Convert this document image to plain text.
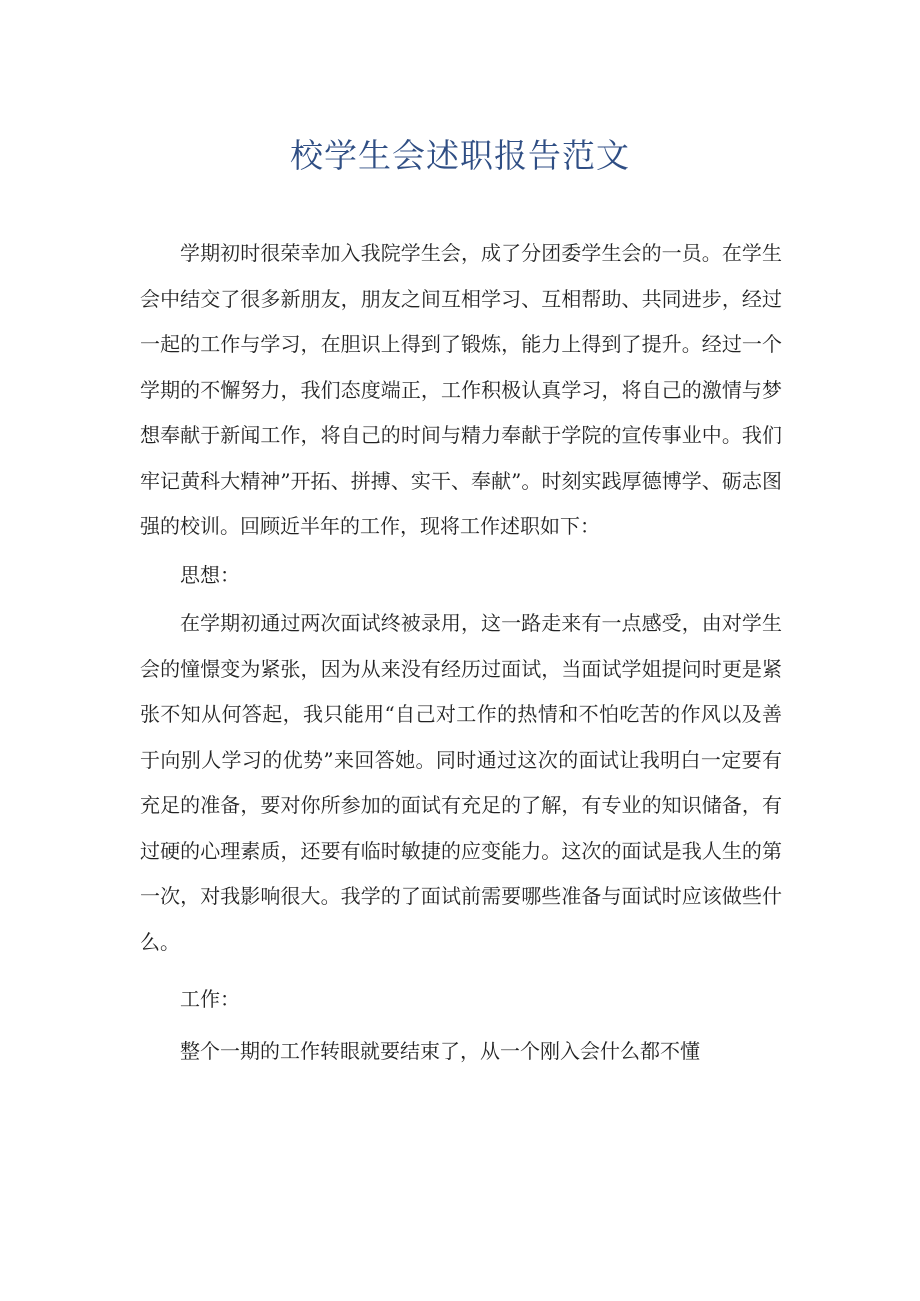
校学生会述职报告范文

学期初时很荣幸加入我院学生会，成了分团委学生会的一员。在学生会中结交了很多新朋友，朋友之间互相学习、互相帮助、共同进步，经过一起的工作与学习，在胆识上得到了锻炼，能力上得到了提升。经过一个学期的不懈努力，我们态度端正，工作积极认真学习，将自己的激情与梦想奉献于新闻工作，将自己的时间与精力奉献于学院的宣传事业中。我们牢记黄科大精神”开拓、拼搏、实干、奉献”。时刻实践厚德博学、砺志图强的校训。回顾近半年的工作，现将工作述职如下：

思想：

在学期初通过两次面试终被录用，这一路走来有一点感受，由对学生会的憧憬变为紧张，因为从来没有经历过面试，当面试学姐提问时更是紧张不知从何答起，我只能用“自己对工作的热情和不怕吃苦的作风以及善于向别人学习的优势”来回答她。同时通过这次的面试让我明白一定要有充足的准备，要对你所参加的面试有充足的了解，有专业的知识储备，有过硬的心理素质，还要有临时敏捷的应变能力。这次的面试是我人生的第一次，对我影响很大。我学的了面试前需要哪些准备与面试时应该做些什么。

工作：

整个一期的工作转眼就要结束了，从一个刚入会什么都不懂
